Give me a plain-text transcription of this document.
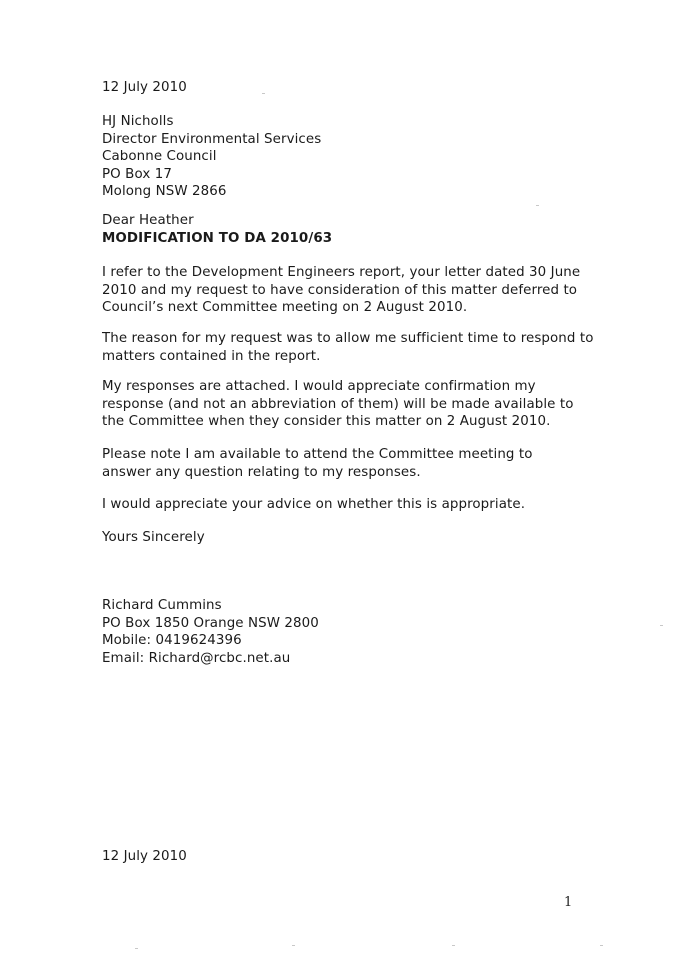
12 July 2010
HJ Nicholls
Director Environmental Services
Cabonne Council
PO Box 17
Molong NSW 2866
Dear Heather
MODIFICATION TO DA 2010/63
I refer to the Development Engineers report, your letter dated 30 June
2010 and my request to have consideration of this matter deferred to
Council’s next Committee meeting on 2 August 2010.
The reason for my request was to allow me sufficient time to respond to
matters contained in the report.
My responses are attached. I would appreciate confirmation my
response (and not an abbreviation of them) will be made available to
the Committee when they consider this matter on 2 August 2010.
Please note I am available to attend the Committee meeting to
answer any question relating to my responses.
I would appreciate your advice on whether this is appropriate.
Yours Sincerely
Richard Cummins
PO Box 1850 Orange NSW 2800
Mobile: 0419624396
Email: Richard@rcbc.net.au
12 July 2010
1
